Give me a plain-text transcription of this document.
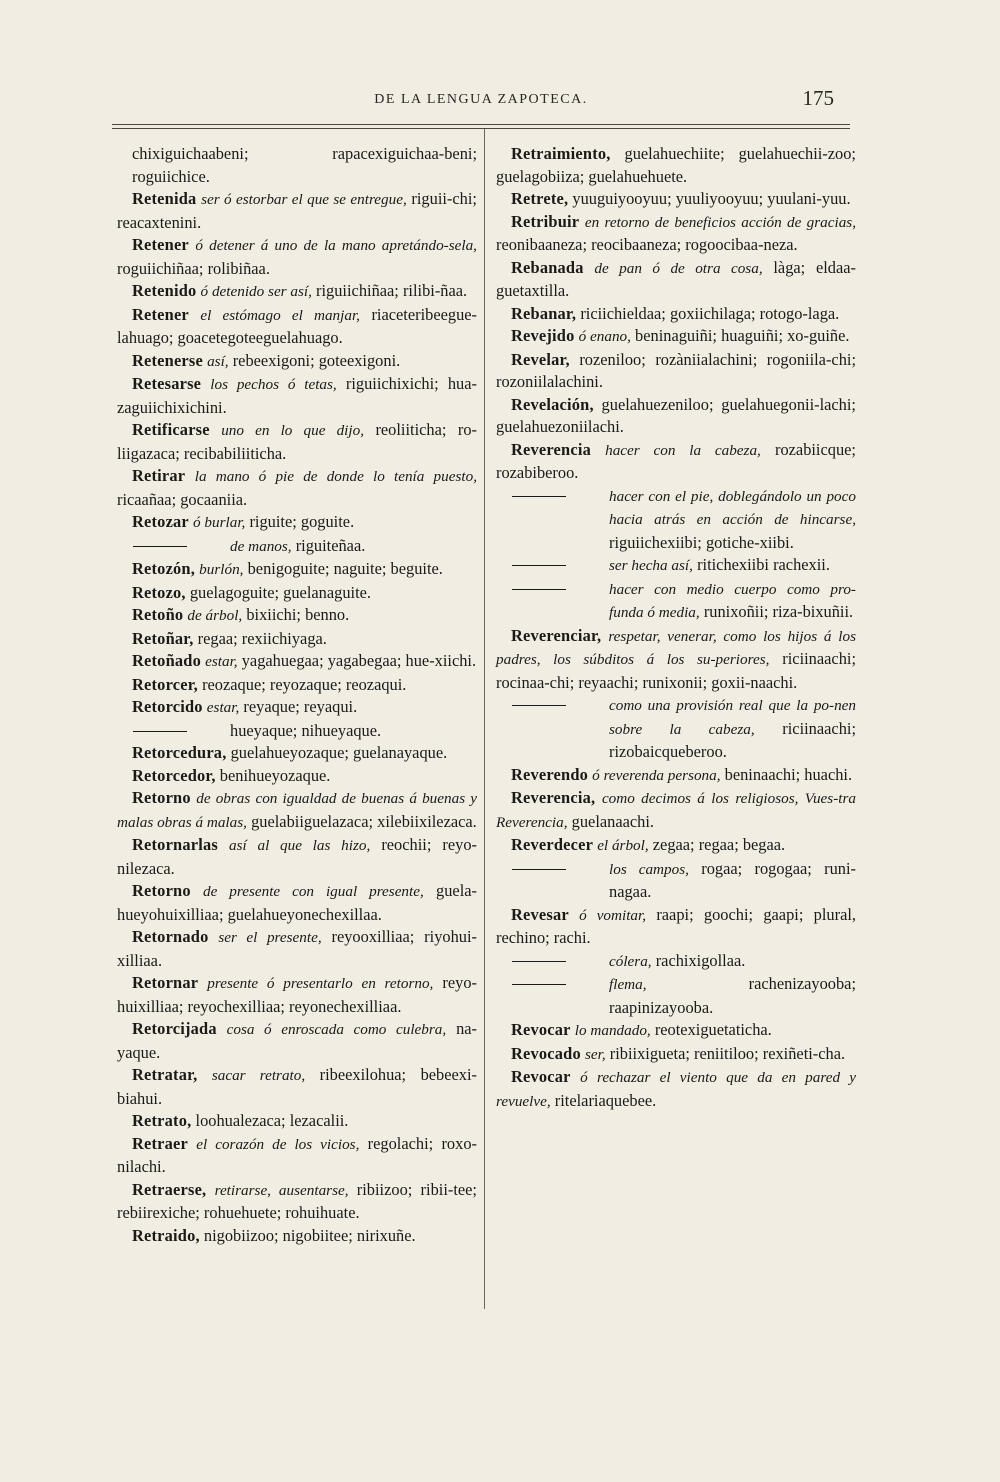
DE LA LENGUA ZAPOTECA.	175
chixiguichaabeni; rapacexiguichaa-beni; roguiichice.
Retenida ser ó estorbar el que se entregue, riguii-chi; reacaxtenini.
Retener ó detener á uno de la mano apretándo-sela, roguiichiñaa; rolibiñaa.
Retenido ó detenido ser así, riguiichiñaa; rilibi-ñaa.
Retener el estómago el manjar, riaceteribeegue-lahuago; goacetegoteeguelahuago.
Retenerse así, rebeexigoni; goteexigoni.
Retesarse los pechos ó tetas, riguiichixichi; hua-zaguiichixichini.
Retificarse uno en lo que dijo, reoliiticha; ro-liigazaca; recibabiliiticha.
Retirar la mano ó pie de donde lo tenía puesto, ricaañaa; gocaaniia.
Retozar ó burlar, riguite; goguite.
de manos, riguiteñaa.
Retozón, burlón, benigoguite; naguite; beguite.
Retozo, guelagoguite; guelanaguite.
Retoño de árbol, bixiichi; benno.
Retoñar, regaa; rexiichiyaga.
Retoñado estar, yagahuegaa; yagabegaa; hue-xiichi.
Retorcer, reozaque; reyozaque; reozaqui.
Retorcido estar, reyaque; reyaqui.
hueyaque; nihueyaque.
Retorcedura, guelahueyozaque; guelanayaque.
Retorcedor, benihueyozaque.
Retorno de obras con igualdad de buenas á buenas y malas obras á malas, guelabiiguelazaca; xilebiixilezaca.
Retornarlas así al que las hizo, reochii; reyo-nilezaca.
Retorno de presente con igual presente, guela-hueyohuixilliaa; guelahueyonechexillaa.
Retornado ser el presente, reyooxilliaa; riyohui-xilliaa.
Retornar presente ó presentarlo en retorno, reyo-huixilliaa; reyochexilliaa; reyonechexilliaa.
Retorcijada cosa ó enroscada como culebra, na-yaque.
Retratar, sacar retrato, ribeexilohua; bebeexi-biahui.
Retrato, loohualezaca; lezacalii.
Retraer el corazón de los vicios, regolachi; roxo-nilachi.
Retraerse, retirarse, ausentarse, ribiizoo; ribii-tee; rebiirexiche; rohuehuete; rohuihuate.
Retraido, nigobiizoo; nigobiitee; nirixuñe.
Retraimiento, guelahuechiite; guelahuechii-zoo; guelagobiiza; guelahuehuete.
Retrete, yuuguiyooyuu; yuuliyooyuu; yuulani-yuu.
Retribuir en retorno de beneficios acción de gracias, reonibaaneza; reocibaaneza; rogoocibaa-neza.
Rebanada de pan ó de otra cosa, làga; eldaa-guetaxtilla.
Rebanar, riciichieldaa; goxiichilaga; rotogo-laga.
Revejido ó enano, beninaguiñi; huaguiñi; xo-guiñe.
Revelar, rozeniloo; rozàniialachini; rogoniila-chi; rozoniilalachini.
Revelación, guelahuezeniloo; guelahuegonii-lachi; guelahuezoniilachi.
Reverencia hacer con la cabeza, rozabiicque; rozabiberoo.
hacer con el pie, doblegándolo un poco hacia atrás en acción de hincarse, riguiichexiibi; gotiche-xiibi.
ser hecha así, ritichexiibi rachexii.
hacer con medio cuerpo como pro-funda ó media, runixoñii; riza-bixuñii.
Reverenciar, respetar, venerar, como los hijos á los padres, los súbditos á los su-periores, riciinaachi; rocinaa-chi; reyaachi; runixonii; goxii-naachi.
como una provisión real que la po-nen sobre la cabeza, riciinaachi; rizobaicqueberoo.
Reverendo ó reverenda persona, beninaachi; huachi.
Reverencia, como decimos á los religiosos, Vues-tra Reverencia, guelanaachi.
Reverdecer el árbol, zegaa; regaa; begaa.
los campos, rogaa; rogogaa; runi-nagaa.
Revesar ó vomitar, raapi; goochi; gaapi; plural, rechino; rachi.
cólera, rachixigollaa.
flema,	rachenizayooba; raapinizayooba.
Revocar lo mandado, reotexiguetaticha.
Revocado ser, ribiixigueta; reniitiloo; rexiñeti-cha.
Revocar ó rechazar el viento que da en pared y revuelve, ritelariaquebee.
